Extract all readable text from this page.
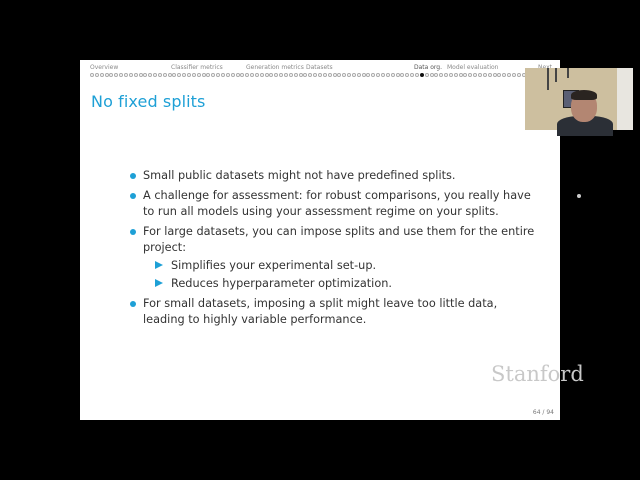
Overview	Classifier metrics	Generation metrics Datasets	Data org. Model evaluation
No fixed splits
Small public datasets might not have predefined splits.
A challenge for assessment: for robust comparisons, you really have to run all models using your assessment regime on your splits.
For large datasets, you can impose splits and use them for the entire project:
Simplifies your experimental set-up.
Reduces hyperparameter optimization.
For small datasets, imposing a split might leave too little data, leading to highly variable performance.
Stanford
64 / 94
